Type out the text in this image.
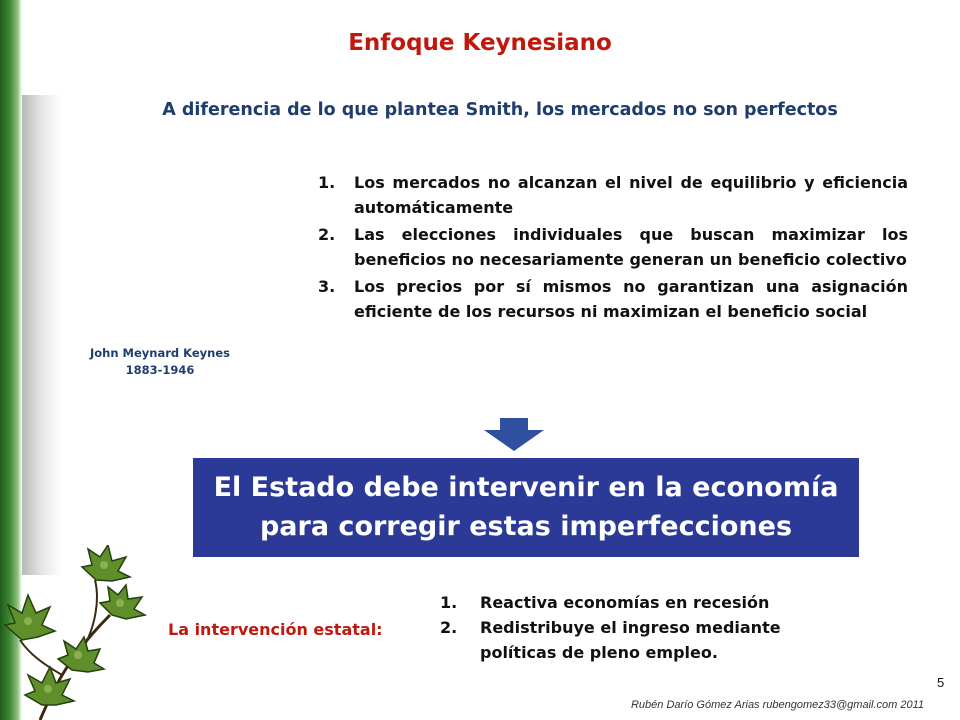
Enfoque Keynesiano
A diferencia de lo que plantea Smith, los mercados no son perfectos
John Meynard Keynes
1883-1946
1. Los mercados no alcanzan el nivel de equilibrio y eficiencia automáticamente
2. Las elecciones individuales que buscan maximizar los beneficios no necesariamente generan un beneficio colectivo
3. Los precios por sí mismos no garantizan una asignación eficiente de los recursos ni maximizan el beneficio social
El Estado debe intervenir en la economía
para corregir estas imperfecciones
La intervención estatal:
1. Reactiva economías en recesión
2. Redistribuye el ingreso mediante políticas de pleno empleo.
5
Rubén Darío Gómez Arias rubengomez33@gmail.com 2011
